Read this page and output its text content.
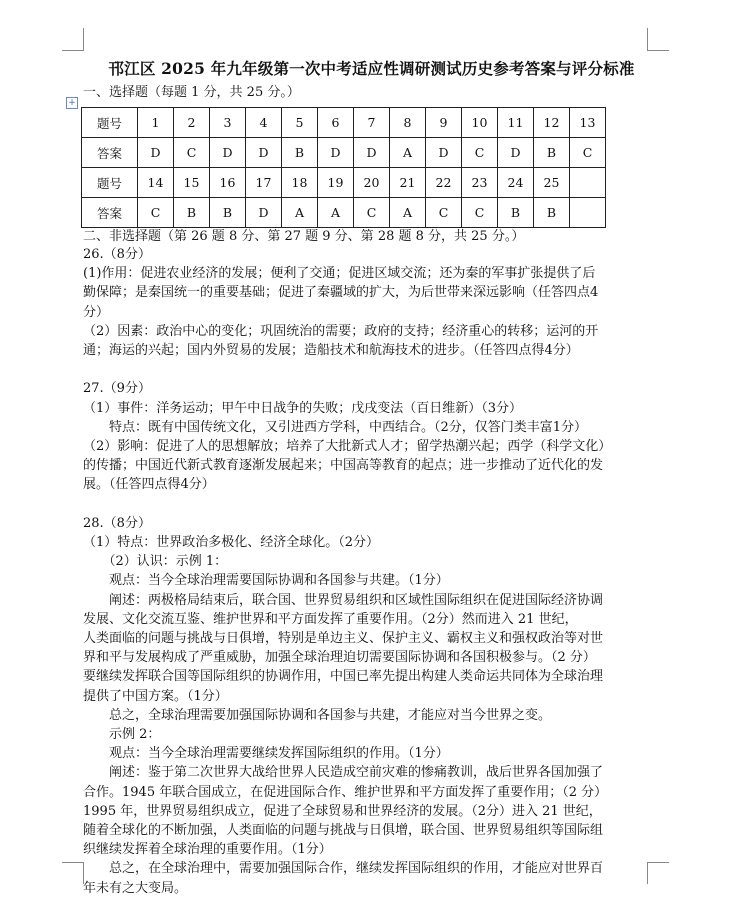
邗江区 2025 年九年级第一次中考适应性调研测试历史参考答案与评分标准
一、选择题（每题 1 分，共 25 分。）
+
题号	1	2	3	4	5	6	7	8	9	10	11	12	13
答案	D	C	D	D	B	D	D	A	D	C	D	B	C
题号	14	15	16	17	18	19	20	21	22	23	24	25	
答案	C	B	B	D	A	A	C	A	C	C	B	B	
二、非选择题（第 26 题 8 分、第 27 题 9 分、第 28 题 8 分，共 25 分。）
26.（8分）
(1)作用：促进农业经济的发展；便利了交通；促进区域交流；还为秦的军事扩张提供了后
勤保障；是秦国统一的重要基础；促进了秦疆域的扩大，为后世带来深远影响（任答四点4
分）
（2）因素：政治中心的变化；巩固统治的需要；政府的支持；经济重心的转移；运河的开
通；海运的兴起；国内外贸易的发展；造船技术和航海技术的进步。（任答四点得4分）
27.（9分）
（1）事件：洋务运动；甲午中日战争的失败；戊戌变法（百日维新）（3分）
　　特点：既有中国传统文化，又引进西方学科，中西结合。（2分，仅答门类丰富1分）
（2）影响：促进了人的思想解放；培养了大批新式人才；留学热潮兴起；西学（科学文化）
的传播；中国近代新式教育逐渐发展起来；中国高等教育的起点；进一步推动了近代化的发
展。（任答四点得4分）
28.（8分）
（1）特点：世界政治多极化、经济全球化。（2分）
　　（2）认识：示例 1：
　　观点：当今全球治理需要国际协调和各国参与共建。（1分）
　　阐述：两极格局结束后，联合国、世界贸易组织和区域性国际组织在促进国际经济协调
发展、文化交流互鉴、维护世界和平方面发挥了重要作用。（2分）然而进入 21 世纪，
人类面临的问题与挑战与日俱增，特别是单边主义、保护主义、霸权主义和强权政治等对世
界和平与发展构成了严重威胁，加强全球治理迫切需要国际协调和各国积极参与。（2 分）
要继续发挥联合国等国际组织的协调作用，中国已率先提出构建人类命运共同体为全球治理
提供了中国方案。（1分）
　　总之，全球治理需要加强国际协调和各国参与共建，才能应对当今世界之变。
　　示例 2：
　　观点：当今全球治理需要继续发挥国际组织的作用。（1分）
　　阐述：鉴于第二次世界大战给世界人民造成空前灾难的惨痛教训，战后世界各国加强了
合作。1945 年联合国成立，在促进国际合作、维护世界和平方面发挥了重要作用；（2 分）
1995 年，世界贸易组织成立，促进了全球贸易和世界经济的发展。（2分）进入 21 世纪，
随着全球化的不断加强，人类面临的问题与挑战与日俱增，联合国、世界贸易组织等国际组
织继续发挥着全球治理的重要作用。（1分）
　　总之，在全球治理中，需要加强国际合作，继续发挥国际组织的作用，才能应对世界百
年未有之大变局。
